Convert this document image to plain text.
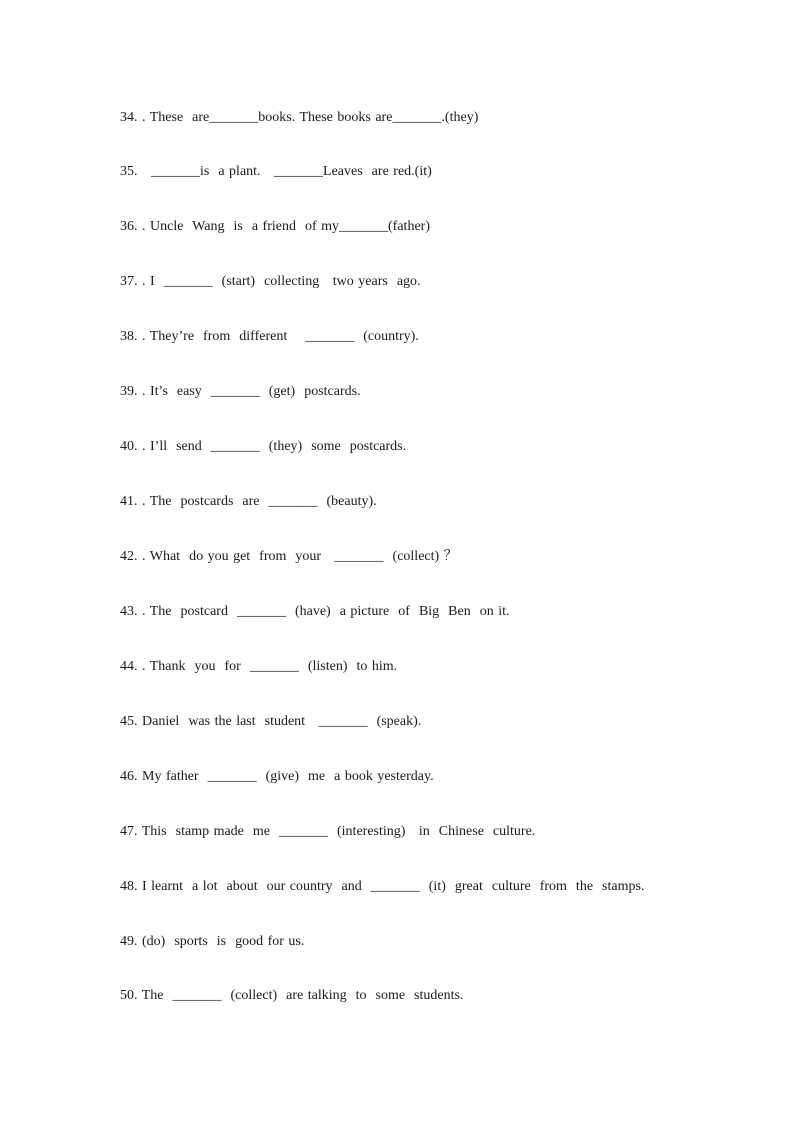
34. . These  are_______books. These books are_______.(they)
35.   _______is  a plant.   _______Leaves  are red.(it)
36. . Uncle  Wang  is  a friend  of my_______(father)
37. . I  _______  (start)  collecting   two years  ago.
38. . They’re  from  different    _______  (country).
39. . It’s  easy  _______  (get)  postcards.
40. . I’ll  send  _______  (they)  some  postcards.
41. . The  postcards  are  _______  (beauty).
42. . What  do you get  from  your   _______  (collect) ？
43. . The  postcard  _______  (have)  a picture  of  Big  Ben  on it.
44. . Thank  you  for  _______  (listen)  to him.
45. Daniel  was the last  student   _______  (speak).
46. My father  _______  (give)  me  a book yesterday.
47. This  stamp made  me  _______  (interesting)   in  Chinese  culture.
48. I learnt  a lot  about  our country  and  _______  (it)  great  culture  from  the  stamps.
49. (do)  sports  is  good for us.
50. The  _______  (collect)  are talking  to  some  students.
